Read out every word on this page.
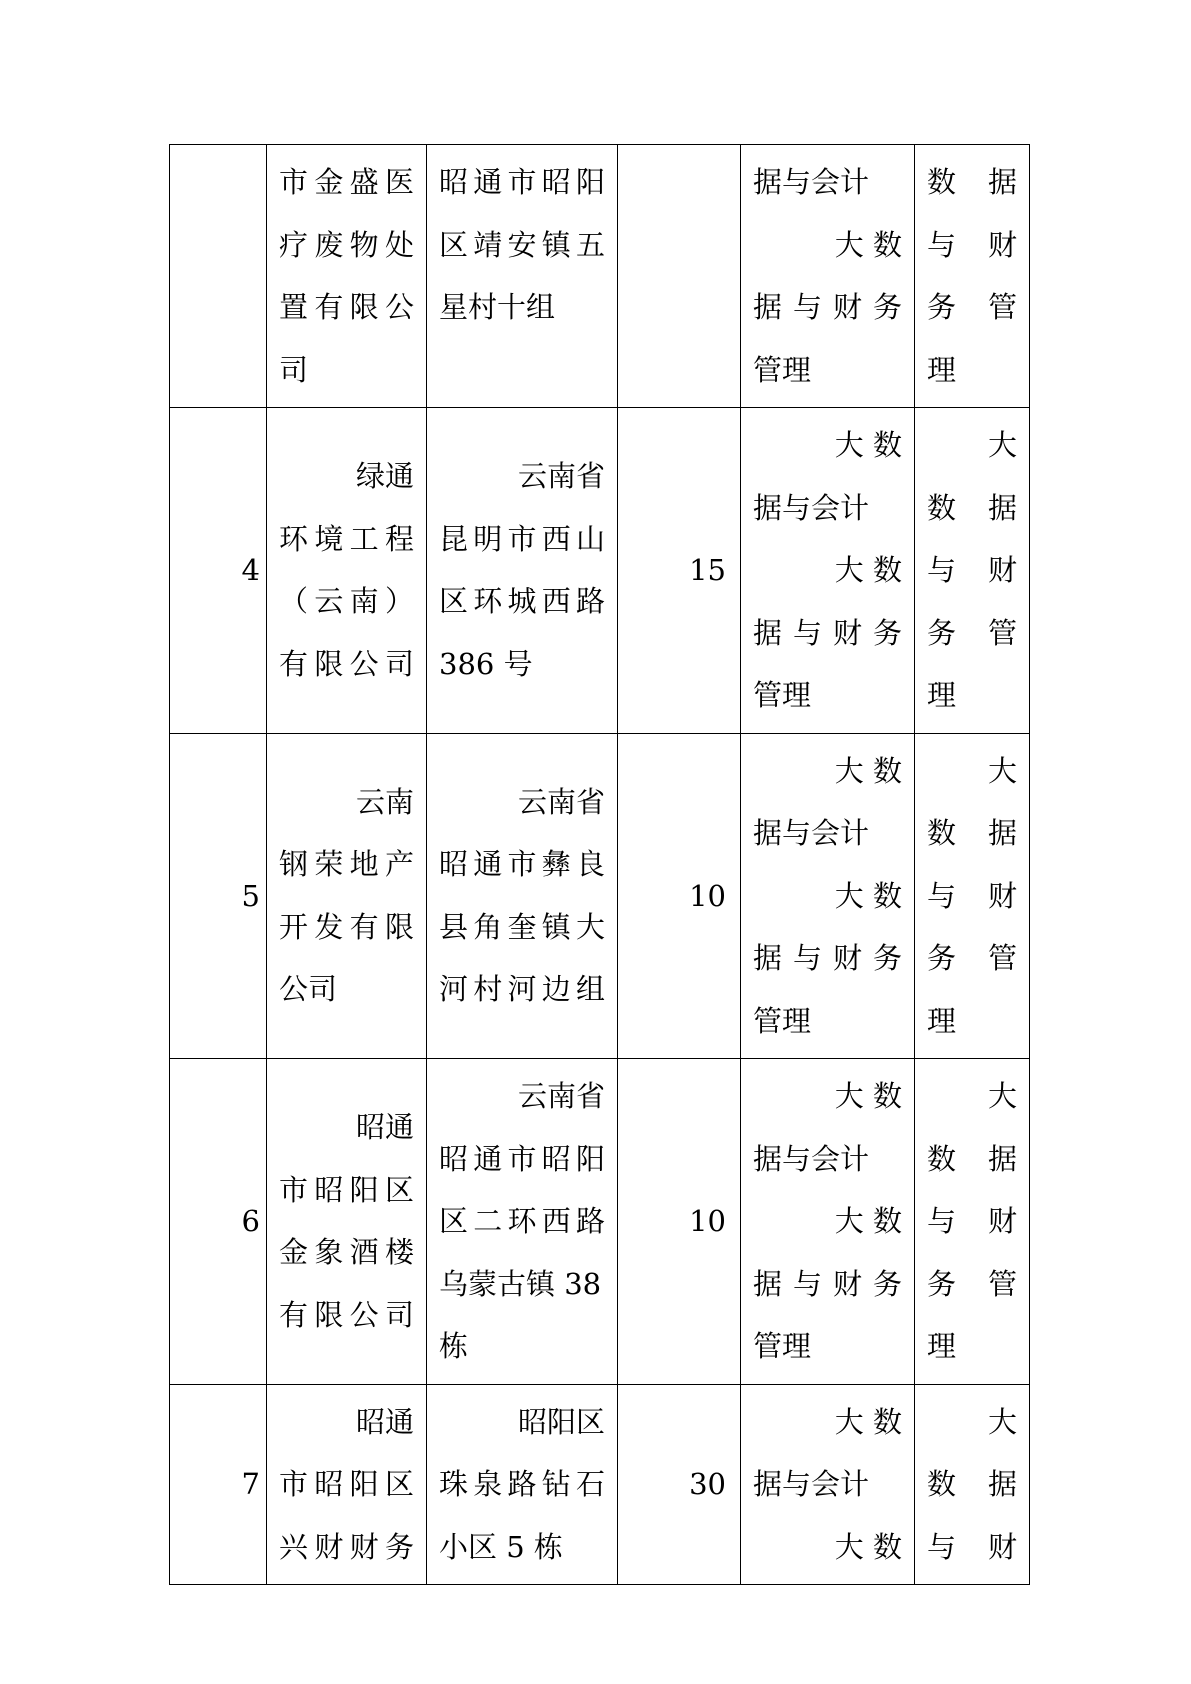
	市金盛医
疗废物处
置有限公
司	昭通市昭阳
区靖安镇五
星村十组		据与会计
大 数
据与财务
管理	数 据
与 财
务 管
理

4	绿通
环境工程
（云南）
有限公司	云南省
昆明市西山
区环城西路
386 号	15	大 数
据与会计
大 数
据与财务
管理	大
数 据
与 财
务 管
理

5	云南
钢荣地产
开发有限
公司	云南省
昭通市彝良
县角奎镇大
河村河边组	10	大 数
据与会计
大 数
据与财务
管理	大
数 据
与 财
务 管
理

6	昭通
市昭阳区
金象酒楼
有限公司	云南省
昭通市昭阳
区二环西路
乌蒙古镇 38
栋	10	大 数
据与会计
大 数
据与财务
管理	大
数 据
与 财
务 管
理

7	昭通
市昭阳区
兴财财务	昭阳区
珠泉路钻石
小区 5 栋	30	大 数
据与会计
大 数	大
数 据
与 财
